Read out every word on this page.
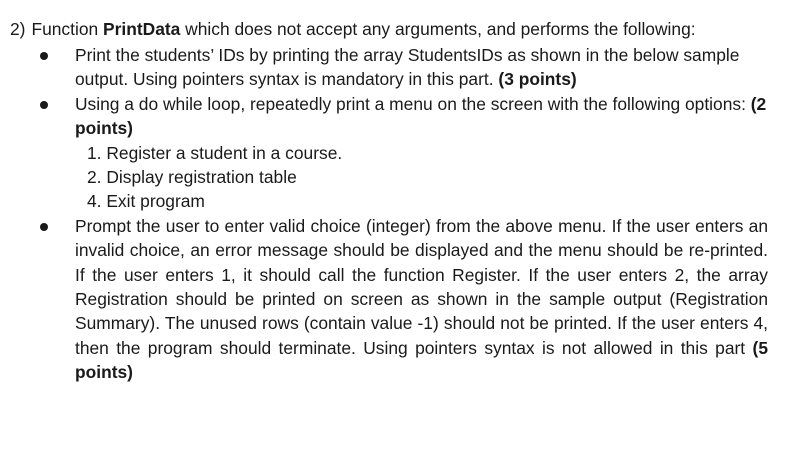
2) Function PrintData which does not accept any arguments, and performs the following:
Print the students’ IDs by printing the array StudentsIDs as shown in the below sample output. Using pointers syntax is mandatory in this part. (3 points)
Using a do while loop, repeatedly print a menu on the screen with the following options: (2 points)
1. Register a student in a course.
2. Display registration table
4. Exit program
Prompt the user to enter valid choice (integer) from the above menu. If the user enters an invalid choice, an error message should be displayed and the menu should be re-printed. If the user enters 1, it should call the function Register. If the user enters 2, the array Registration should be printed on screen as shown in the sample output (Registration Summary). The unused rows (contain value -1) should not be printed. If the user enters 4, then the program should terminate. Using pointers syntax is not allowed in this part (5 points)
